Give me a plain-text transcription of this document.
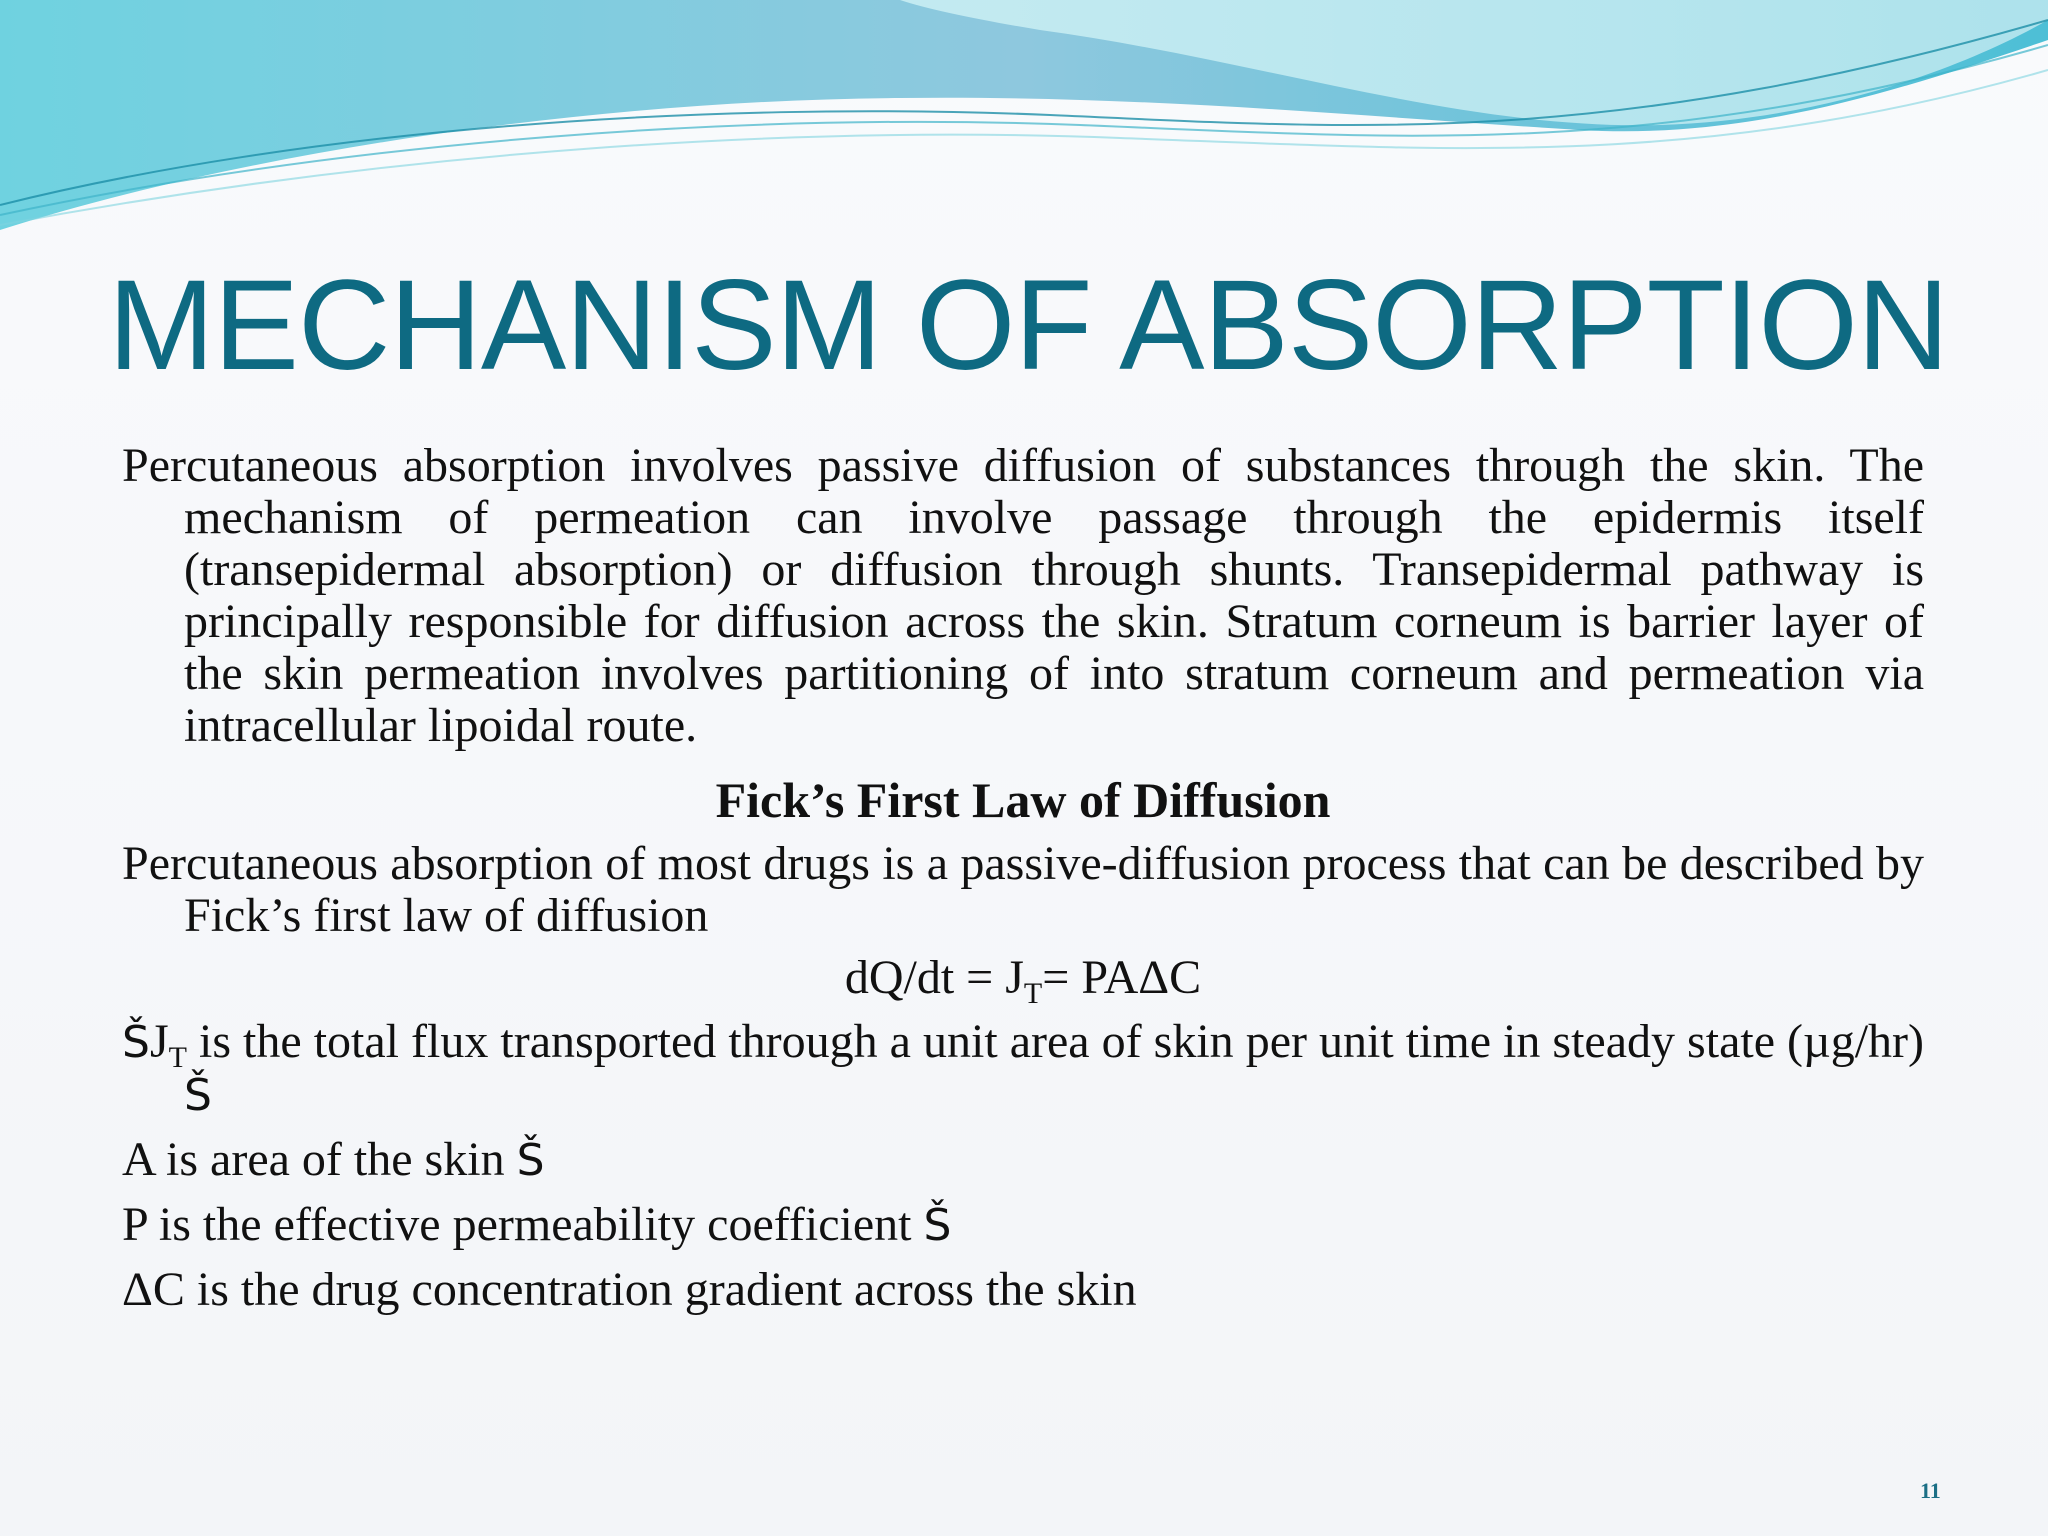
MECHANISM OF ABSORPTION

Percutaneous absorption involves passive diffusion of substances through the skin. The mechanism of permeation can involve passage through the epidermis itself (transepidermal absorption) or diffusion through shunts. Transepidermal pathway is principally responsible for diffusion across the skin. Stratum corneum is barrier layer of the skin permeation involves partitioning of into stratum corneum and permeation via intracellular lipoidal route.

Fick’s First Law of Diffusion

Percutaneous absorption of most drugs is a passive-diffusion process that can be described by Fick’s first law of diffusion

$dQ/dt = J_T= PA\Delta C$

$ŠJ_T$ is the total flux transported through a unit area of skin per unit time in steady state (µg/hr) Š

A is area of the skin Š

P is the effective permeability coefficient Š

ΔC is the drug concentration gradient across the skin

11
